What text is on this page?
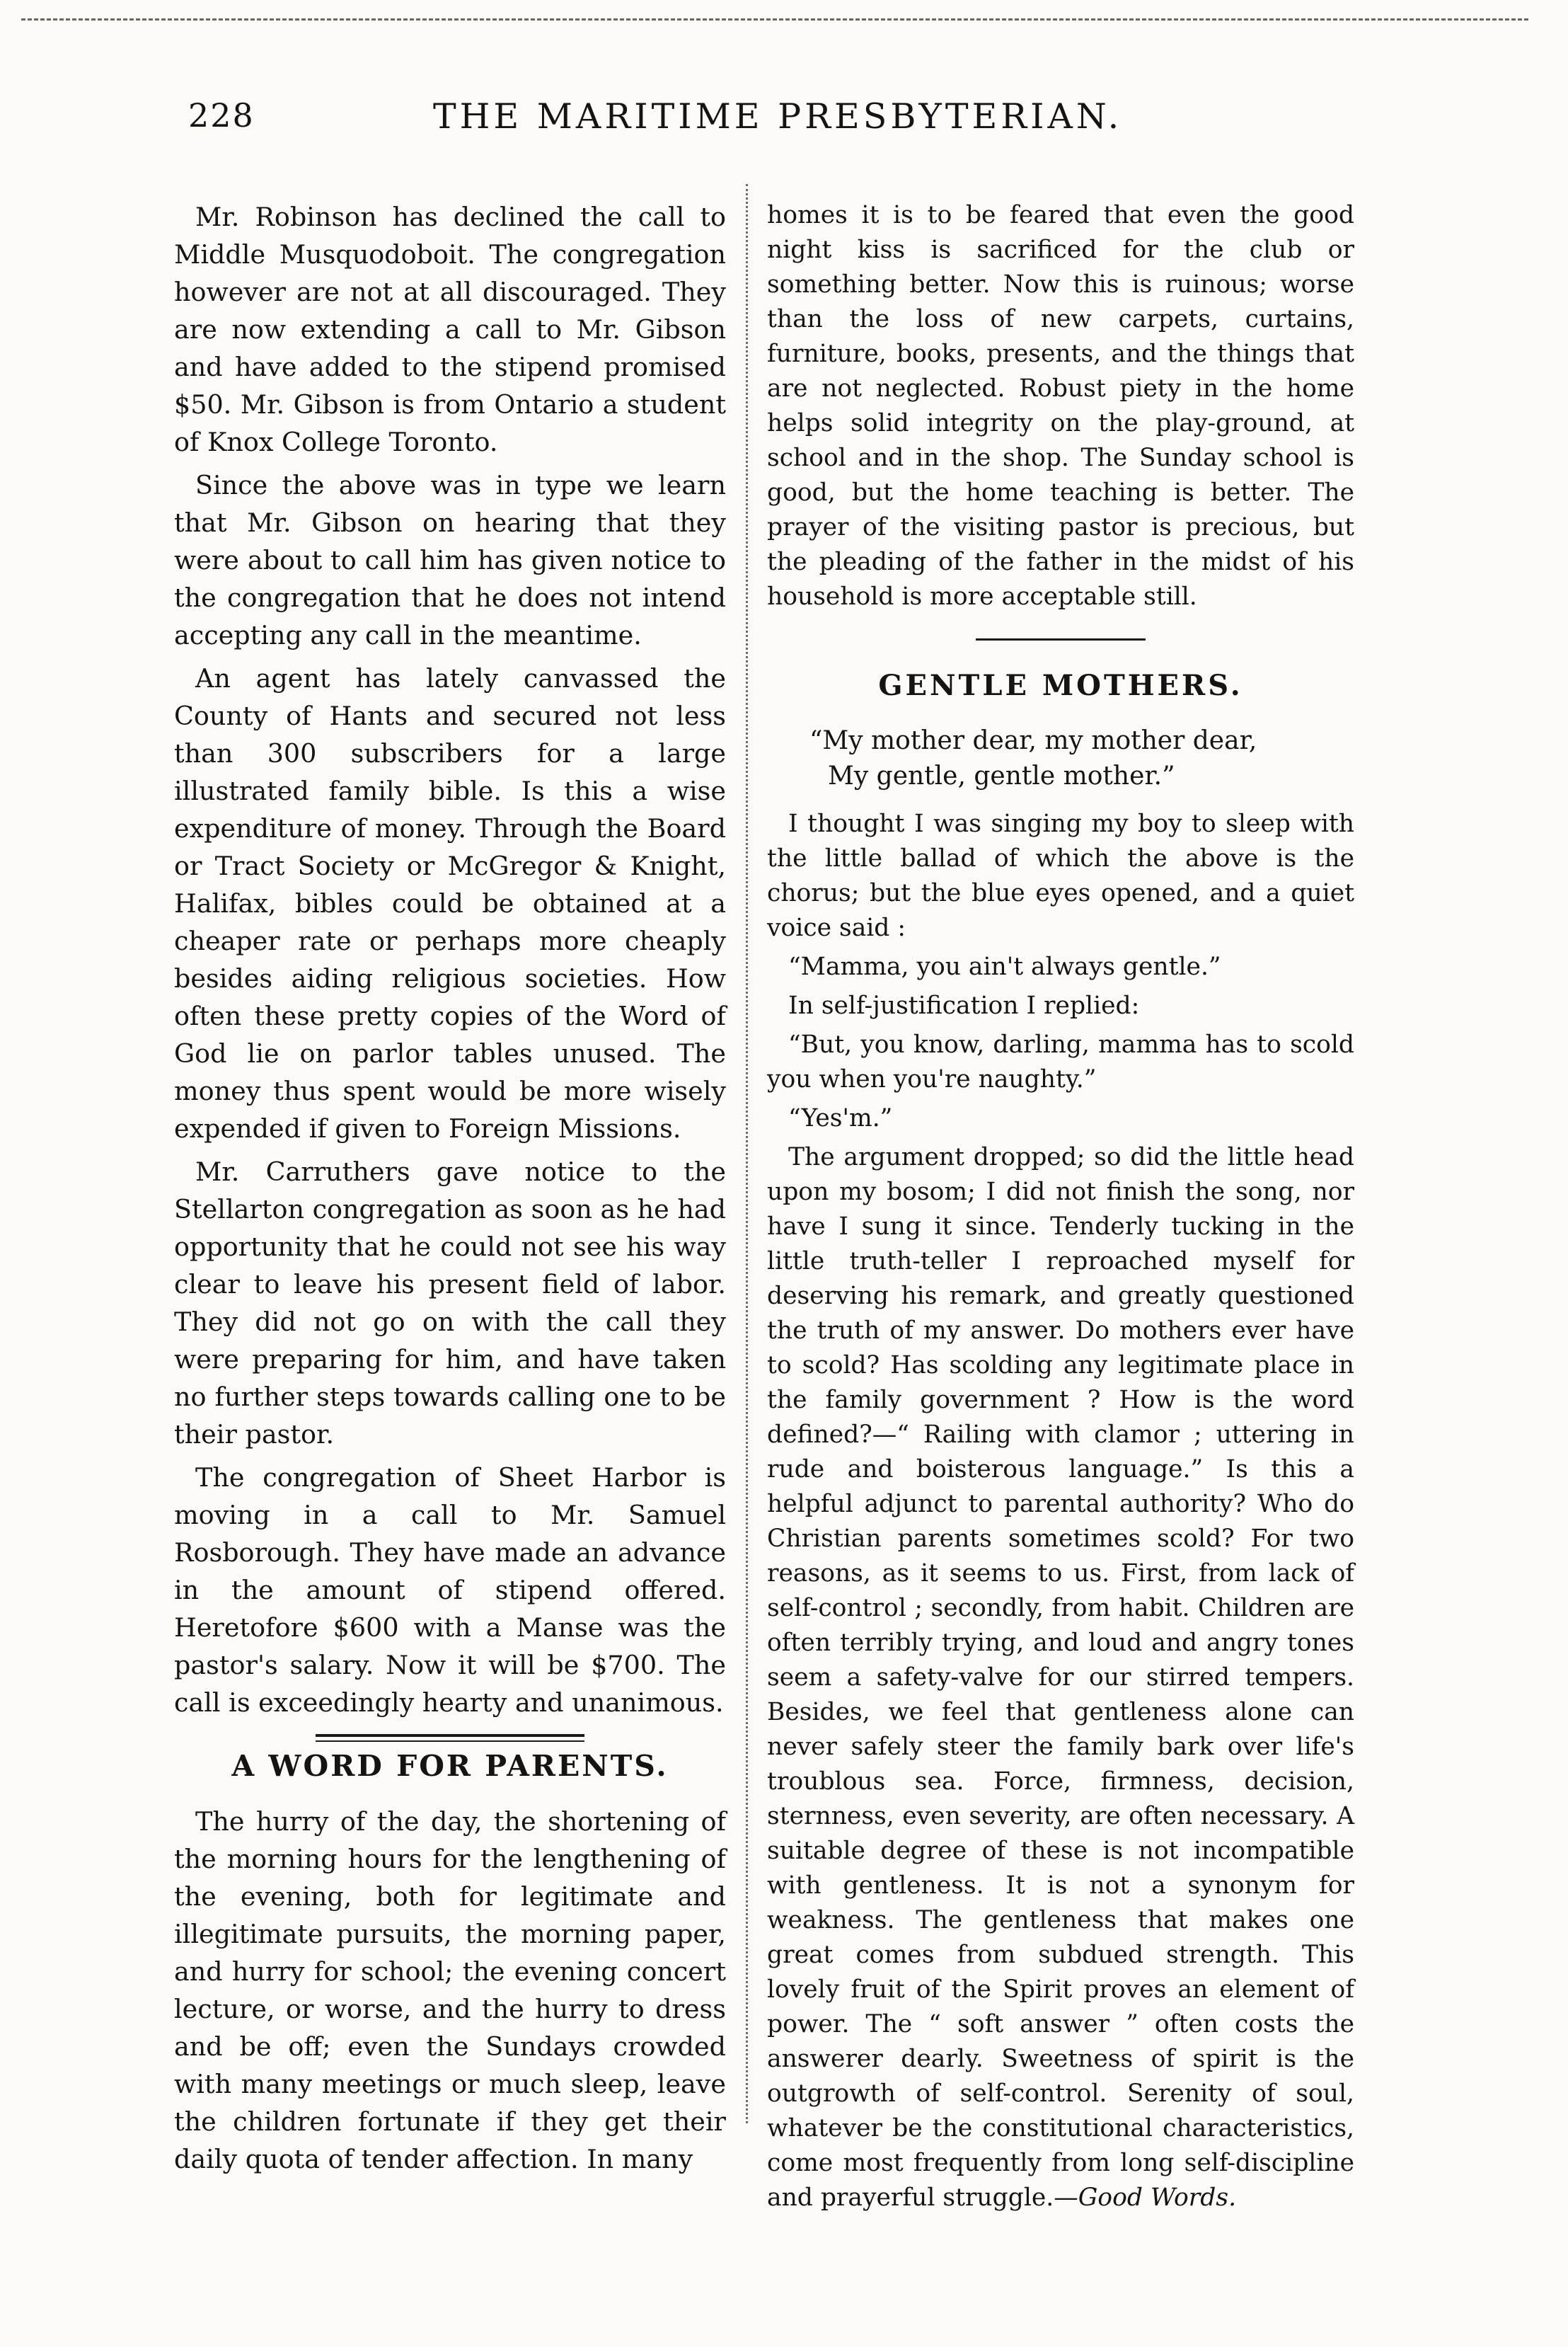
228	THE MARITIME PRESBYTERIAN.

Mr. Robinson has declined the call to Middle Musquodoboit. The congregation however are not at all discouraged. They are now extending a call to Mr. Gibson and have added to the stipend promised $50. Mr. Gibson is from Ontario a student of Knox College Toronto.

Since the above was in type we learn that Mr. Gibson on hearing that they were about to call him has given notice to the congregation that he does not intend accepting any call in the meantime.

An agent has lately canvassed the County of Hants and secured not less than 300 subscribers for a large illustrated family bible. Is this a wise expenditure of money. Through the Board or Tract Society or McGregor & Knight, Halifax, bibles could be obtained at a cheaper rate or perhaps more cheaply besides aiding religious societies. How often these pretty copies of the Word of God lie on parlor tables unused. The money thus spent would be more wisely expended if given to Foreign Missions.

Mr. Carruthers gave notice to the Stellarton congregation as soon as he had opportunity that he could not see his way clear to leave his present field of labor. They did not go on with the call they were preparing for him, and have taken no further steps towards calling one to be their pastor.

The congregation of Sheet Harbor is moving in a call to Mr. Samuel Rosborough. They have made an advance in the amount of stipend offered. Heretofore $600 with a Manse was the pastor's salary. Now it will be $700. The call is exceedingly hearty and unanimous.

A WORD FOR PARENTS.

The hurry of the day, the shortening of the morning hours for the lengthening of the evening, both for legitimate and illegitimate pursuits, the morning paper, and hurry for school; the evening concert lecture, or worse, and the hurry to dress and be off; even the Sundays crowded with many meetings or much sleep, leave the children fortunate if they get their daily quota of tender affection. In many

homes it is to be feared that even the good night kiss is sacrificed for the club or something better. Now this is ruinous; worse than the loss of new carpets, curtains, furniture, books, presents, and the things that are not neglected. Robust piety in the home helps solid integrity on the play-ground, at school and in the shop. The Sunday school is good, but the home teaching is better. The prayer of the visiting pastor is precious, but the pleading of the father in the midst of his household is more acceptable still.

GENTLE MOTHERS.
“My mother dear, my mother dear,
My gentle, gentle mother.”

I thought I was singing my boy to sleep with the little ballad of which the above is the chorus; but the blue eyes opened, and a quiet voice said :

“Mamma, you ain't always gentle.”

In self-justification I replied:

“But, you know, darling, mamma has to scold you when you're naughty.”

“Yes'm.”

The argument dropped; so did the little head upon my bosom; I did not finish the song, nor have I sung it since. Tenderly tucking in the little truth-teller I reproached myself for deserving his remark, and greatly questioned the truth of my answer. Do mothers ever have to scold? Has scolding any legitimate place in the family government ? How is the word defined?—“ Railing with clamor ; uttering in rude and boisterous language.” Is this a helpful adjunct to parental authority? Who do Christian parents sometimes scold? For two reasons, as it seems to us. First, from lack of self-control ; secondly, from habit. Children are often terribly trying, and loud and angry tones seem a safety-valve for our stirred tempers. Besides, we feel that gentleness alone can never safely steer the family bark over life's troublous sea. Force, firmness, decision, sternness, even severity, are often necessary. A suitable degree of these is not incompatible with gentleness. It is not a synonym for weakness. The gentleness that makes one great comes from subdued strength. This lovely fruit of the Spirit proves an element of power. The “ soft answer ” often costs the answerer dearly. Sweetness of spirit is the outgrowth of self-control. Serenity of soul, whatever be the constitutional characteristics, come most frequently from long self-discipline and prayerful struggle.—Good Words.
